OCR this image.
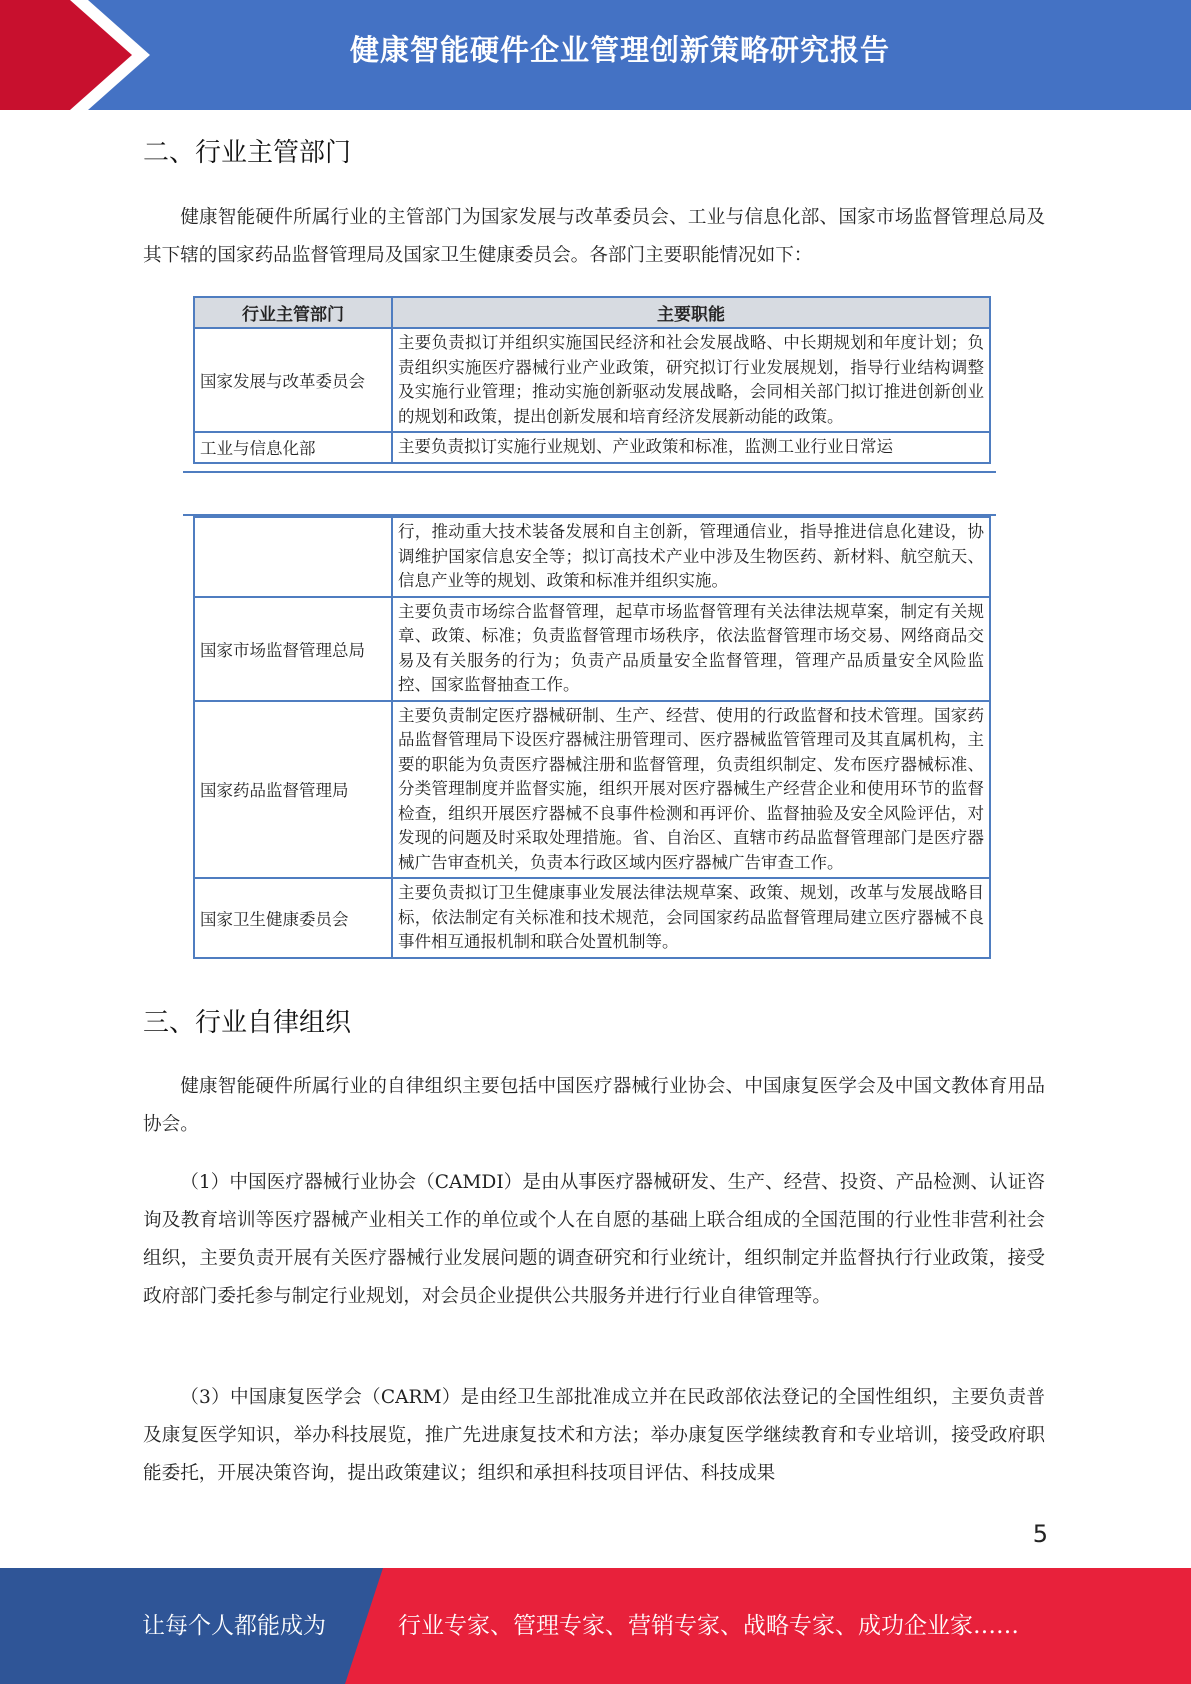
健康智能硬件企业管理创新策略研究报告
二、行业主管部门
健康智能硬件所属行业的主管部门为国家发展与改革委员会、工业与信息化部、国家市场监督管理总局及其下辖的国家药品监督管理局及国家卫生健康委员会。各部门主要职能情况如下：
行业主管部门	主要职能
国家发展与改革委员会	主要负责拟订并组织实施国民经济和社会发展战略、中长期规划和年度计划；负责组织实施医疗器械行业产业政策，研究拟订行业发展规划，指导行业结构调整及实施行业管理；推动实施创新驱动发展战略，会同相关部门拟订推进创新创业的规划和政策，提出创新发展和培育经济发展新动能的政策。
工业与信息化部	主要负责拟订实施行业规划、产业政策和标准，监测工业行业日常运
	行，推动重大技术装备发展和自主创新，管理通信业，指导推进信息化建设，协调维护国家信息安全等；拟订高技术产业中涉及生物医药、新材料、航空航天、信息产业等的规划、政策和标准并组织实施。
国家市场监督管理总局	主要负责市场综合监督管理，起草市场监督管理有关法律法规草案，制定有关规章、政策、标准；负责监督管理市场秩序，依法监督管理市场交易、网络商品交易及有关服务的行为；负责产品质量安全监督管理，管理产品质量安全风险监控、国家监督抽查工作。
国家药品监督管理局	主要负责制定医疗器械研制、生产、经营、使用的行政监督和技术管理。国家药品监督管理局下设医疗器械注册管理司、医疗器械监管管理司及其直属机构，主要的职能为负责医疗器械注册和监督管理，负责组织制定、发布医疗器械标准、分类管理制度并监督实施，组织开展对医疗器械生产经营企业和使用环节的监督检查，组织开展医疗器械不良事件检测和再评价、监督抽验及安全风险评估，对发现的问题及时采取处理措施。省、自治区、直辖市药品监督管理部门是医疗器械广告审查机关，负责本行政区域内医疗器械广告审查工作。
国家卫生健康委员会	主要负责拟订卫生健康事业发展法律法规草案、政策、规划，改革与发展战略目标，依法制定有关标准和技术规范，会同国家药品监督管理局建立医疗器械不良事件相互通报机制和联合处置机制等。
三、行业自律组织
健康智能硬件所属行业的自律组织主要包括中国医疗器械行业协会、中国康复医学会及中国文教体育用品协会。
（1）中国医疗器械行业协会（CAMDI）是由从事医疗器械研发、生产、经营、投资、产品检测、认证咨询及教育培训等医疗器械产业相关工作的单位或个人在自愿的基础上联合组成的全国范围的行业性非营利社会组织，主要负责开展有关医疗器械行业发展问题的调查研究和行业统计，组织制定并监督执行行业政策，接受政府部门委托参与制定行业规划，对会员企业提供公共服务并进行行业自律管理等。
（3）中国康复医学会（CARM）是由经卫生部批准成立并在民政部依法登记的全国性组织，主要负责普及康复医学知识，举办科技展览，推广先进康复技术和方法；举办康复医学继续教育和专业培训，接受政府职能委托，开展决策咨询，提出政策建议；组织和承担科技项目评估、科技成果
5
让每个人都能成为	行业专家、管理专家、营销专家、战略专家、成功企业家……
